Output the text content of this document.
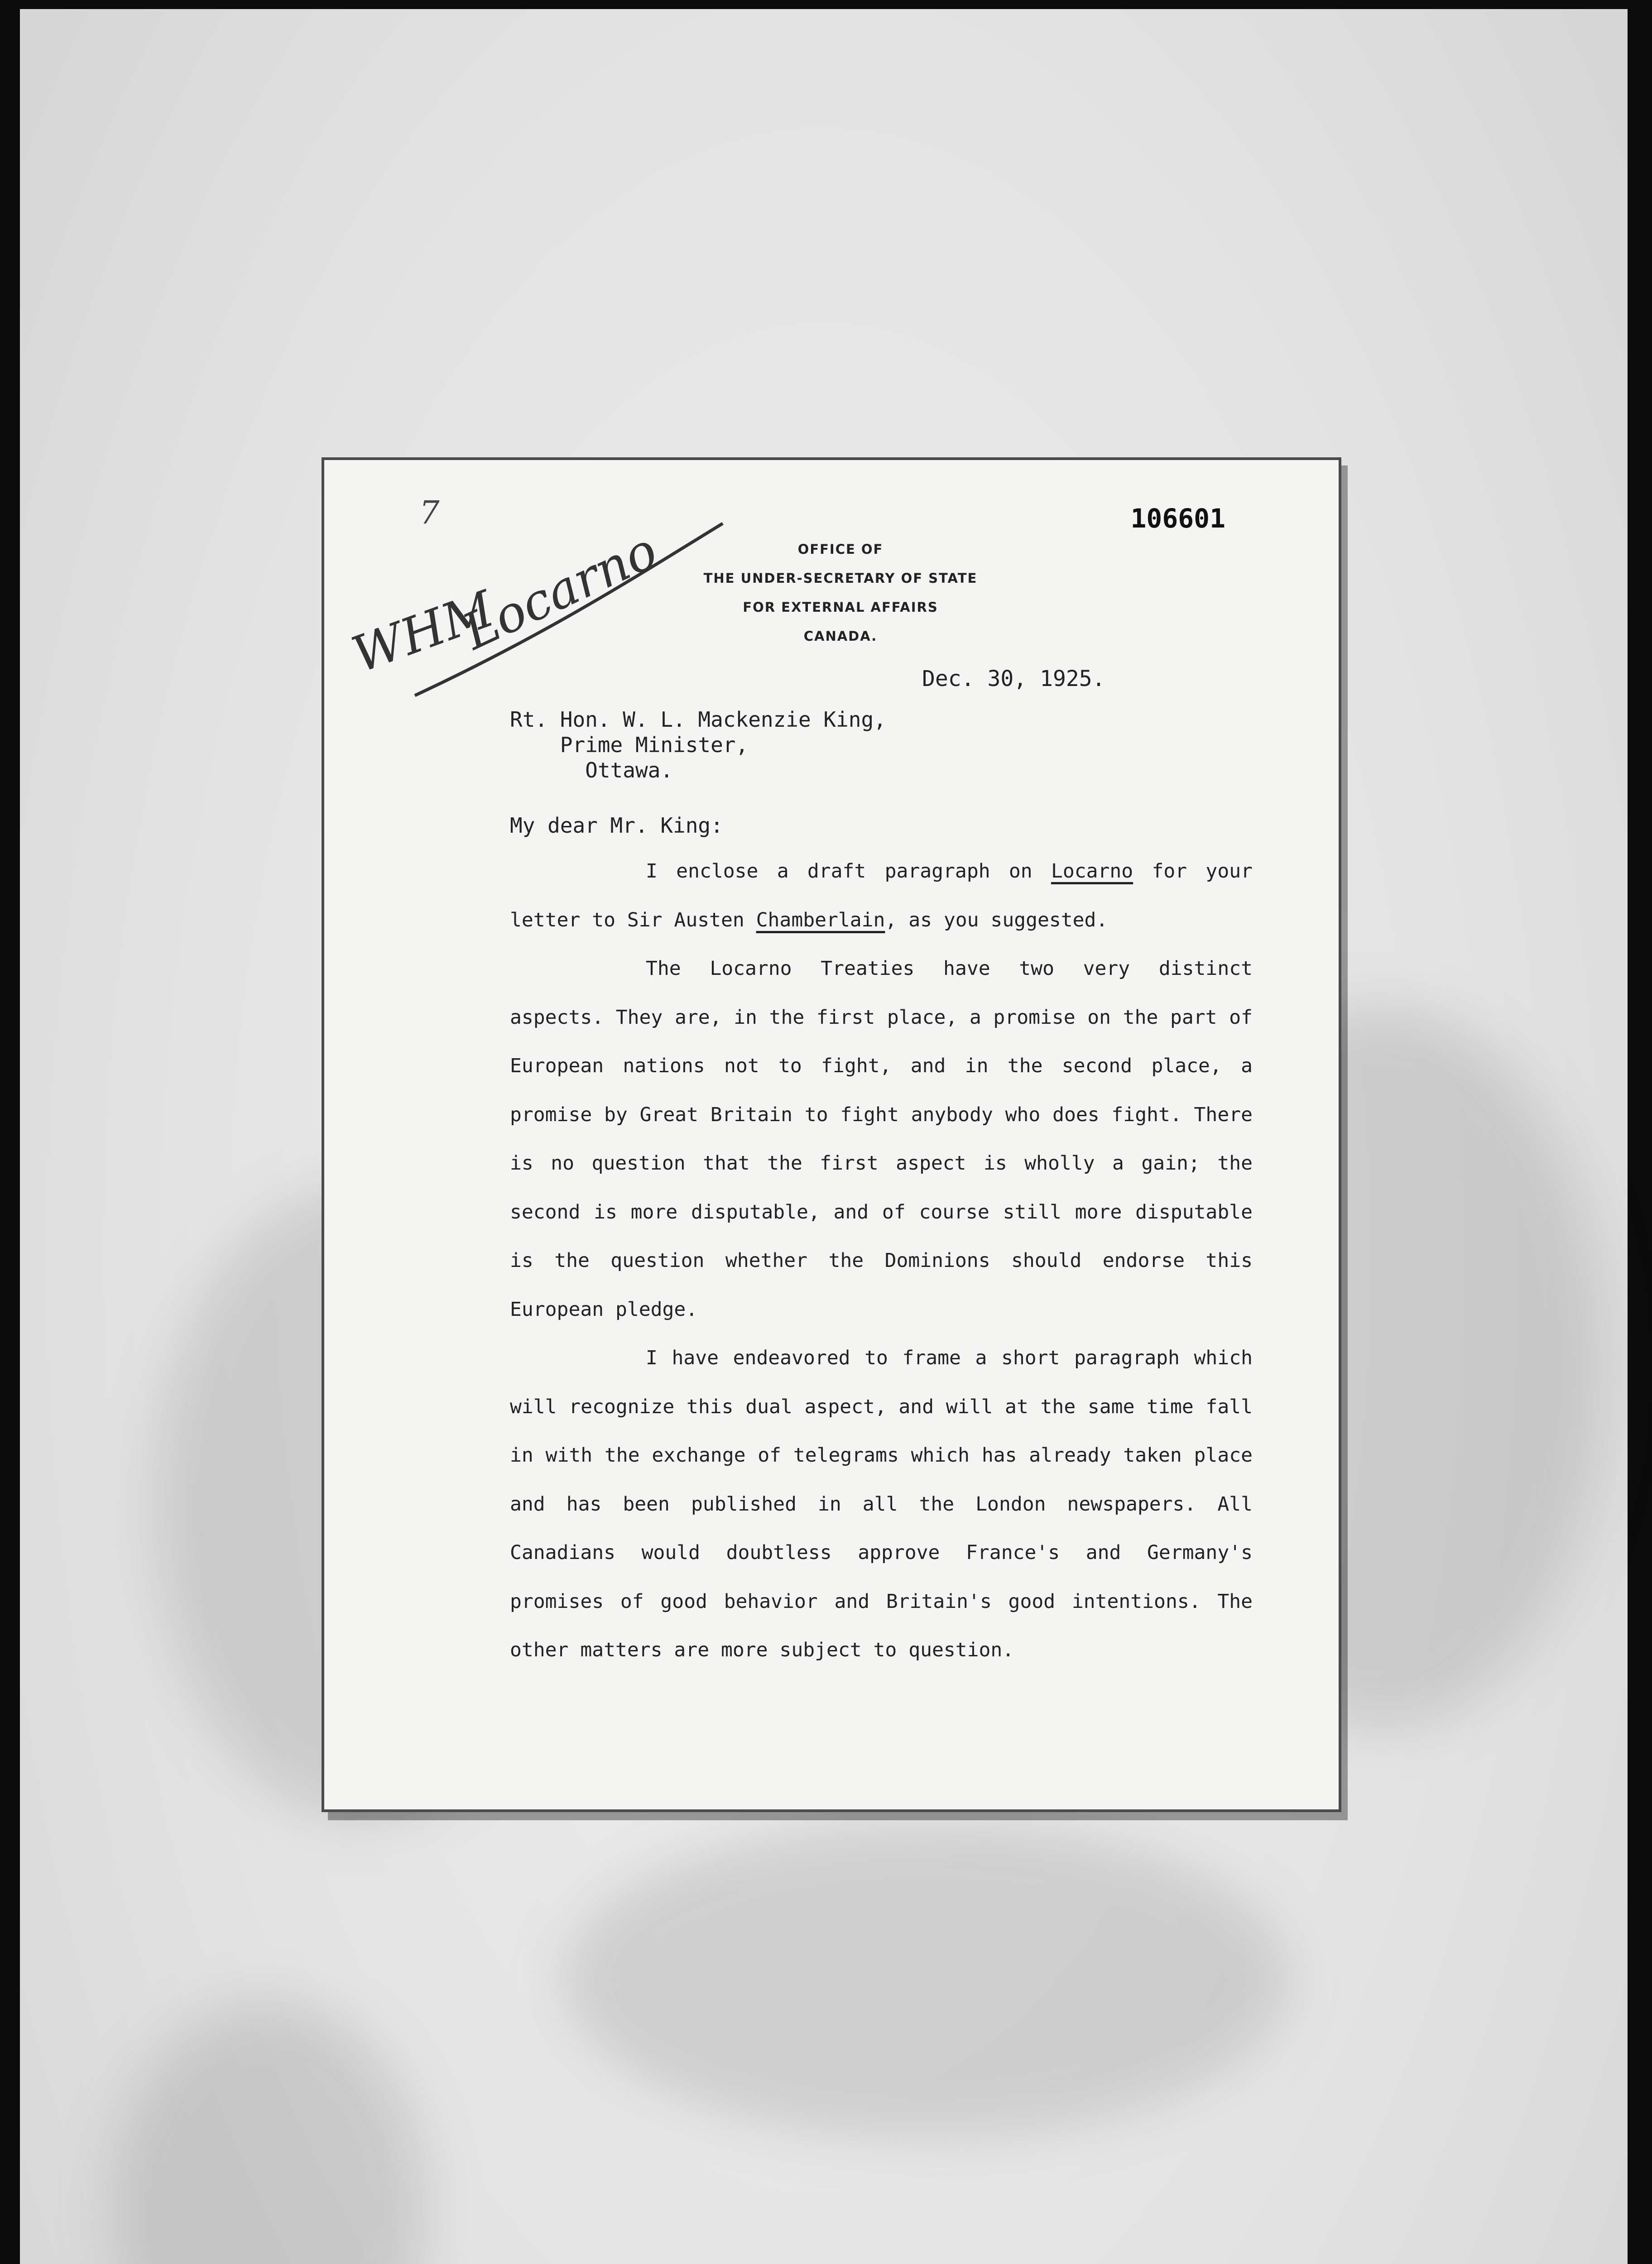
106601
OFFICE OF
THE UNDER-SECRETARY OF STATE
FOR EXTERNAL AFFAIRS
CANADA.
Dec. 30, 1925.
Rt. Hon. W. L. Mackenzie King,
Prime Minister,
Ottawa.
My dear Mr. King:

I enclose a draft paragraph on Locarno for your letter to Sir Austen Chamberlain, as you suggested.

The Locarno Treaties have two very distinct aspects. They are, in the first place, a promise on the part of European nations not to fight, and in the second place, a promise by Great Britain to fight anybody who does fight. There is no question that the first aspect is wholly a gain; the second is more disputable, and of course still more disputable is the question whether the Dominions should endorse this European pledge.

I have endeavored to frame a short paragraph which will recognize this dual aspect, and will at the same time fall in with the exchange of telegrams which has already taken place and has been published in all the London newspapers. All Canadians would doubtless approve France's and Germany's promises of good behavior and Britain's good intentions. The other matters are more subject to question.

7
WHM
Locarno
